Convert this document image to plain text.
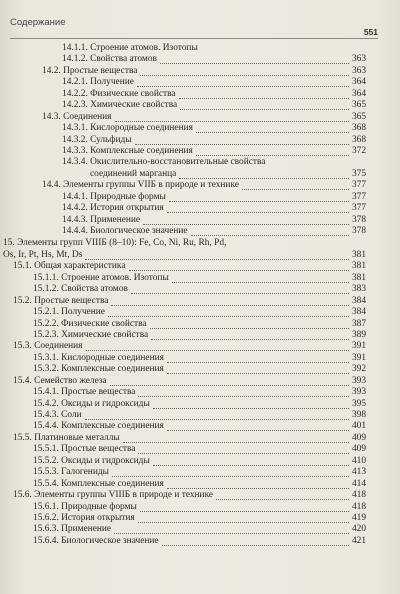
Содержание
551
14.1.1. Строение атомов. Изотопы
14.1.2. Свойства атомов	363
14.2. Простые вещества	363
14.2.1. Получение	364
14.2.2. Физические свойства	364
14.2.3. Химические свойства	365
14.3. Соединения	365
14.3.1. Кислородные соединения	368
14.3.2. Сульфиды	368
14.3.3. Комплексные соединения	372
14.3.4. Окислительно-восстановительные свойства
соединений марганца	375
14.4. Элементы группы VIIБ в природе и технике	377
14.4.1. Природные формы	377
14.4.2. История открытия	377
14.4.3. Применение	378
14.4.4. Биологическое значение	378
15. Элементы групп VIIIБ (8–10): Fe, Co, Ni, Ru, Rh, Pd,
Os, Ir, Pt, Hs, Mt, Ds	381
15.1. Общая характеристика	381
15.1.1. Строение атомов. Изотопы	381
15.1.2. Свойства атомов	383
15.2. Простые вещества	384
15.2.1. Получение	384
15.2.2. Физические свойства	387
15.2.3. Химические свойства	389
15.3. Соединения	391
15.3.1. Кислородные соединения	391
15.3.2. Комплексные соединения	392
15.4. Семейство железа	393
15.4.1. Простые вещества	393
15.4.2. Оксиды и гидроксиды	395
15.4.3. Соли	398
15.4.4. Комплексные соединения	401
15.5. Платиновые металлы	409
15.5.1. Простые вещества	409
15.5.2. Оксиды и гидроксиды	410
15.5.3. Галогениды	413
15.5.4. Комплексные соединения	414
15.6. Элементы группы VIIIБ в природе и технике	418
15.6.1. Природные формы	418
15.6.2. История открытия	419
15.6.3. Применение	420
15.6.4. Биологическое значение	421
